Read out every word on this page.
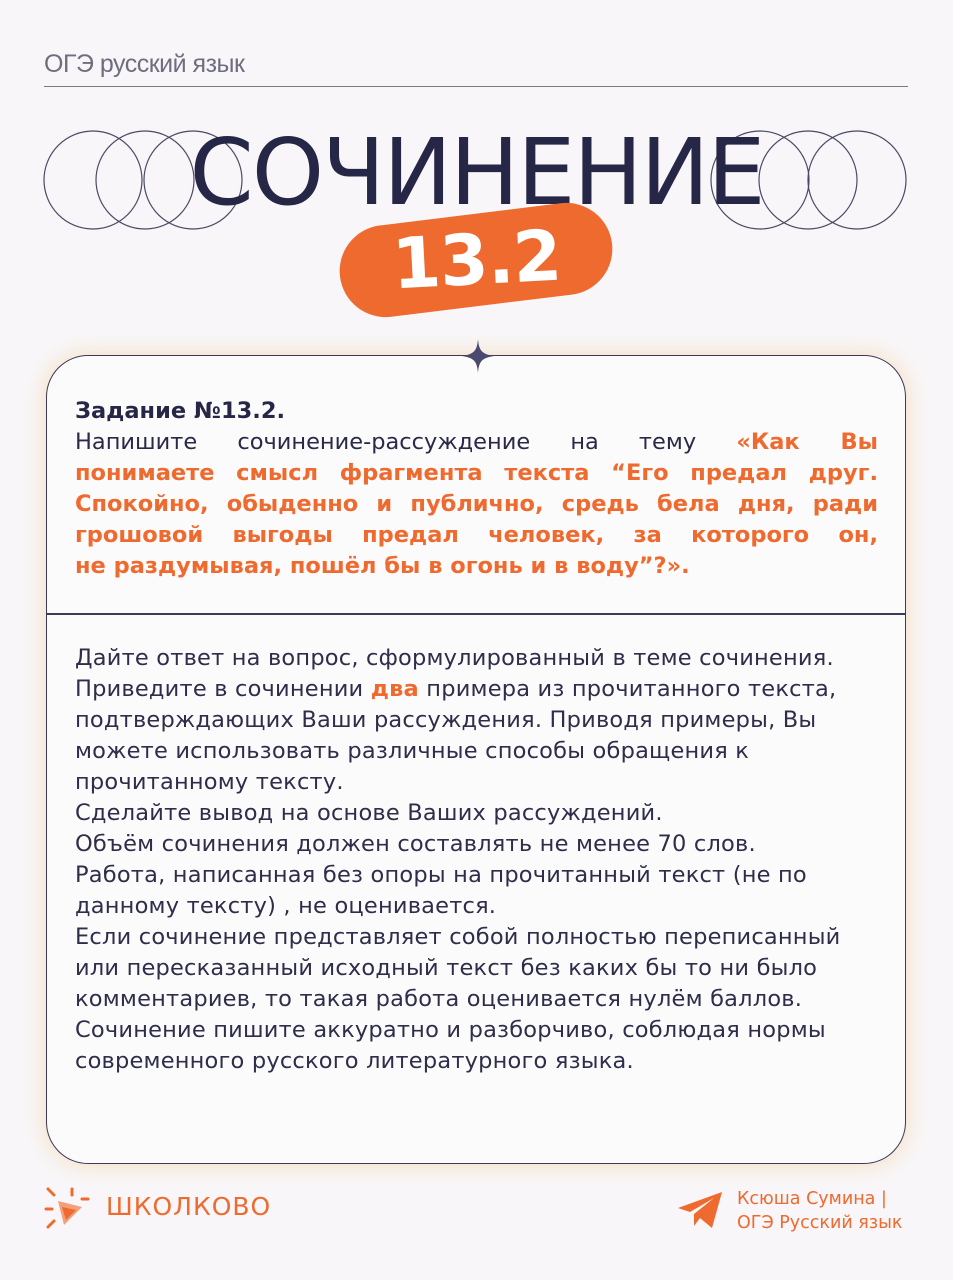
ОГЭ русский язык
СОЧИНЕНИЕ
13.2
Задание №13.2.
Напишите сочинение-рассуждение на тему «Как Вы
понимаете смысл фрагмента текста “Его предал друг.
Спокойно, обыденно и публично, средь бела дня, ради
грошовой выгоды предал человек, за которого он,
не раздумывая, пошёл бы в огонь и в воду”?».

Дайте ответ на вопрос, сформулированный в теме сочинения.

Приведите в сочинении два примера из прочитанного текста, подтверждающих Ваши рассуждения. Приводя примеры, Вы можете использовать различные способы обращения к прочитанному тексту.

Сделайте вывод на основе Ваших рассуждений.

Объём сочинения должен составлять не менее 70 слов.

Работа, написанная без опоры на прочитанный текст (не по данному тексту) , не оценивается.

Если сочинение представляет собой полностью переписанный или пересказанный исходный текст без каких бы то ни было комментариев, то такая работа оценивается нулём баллов.

Сочинение пишите аккуратно и разборчиво, соблюдая нормы современного русского литературного языка.

ШКОЛКОВО	Ксюша Сумина |
ОГЭ Русский язык
